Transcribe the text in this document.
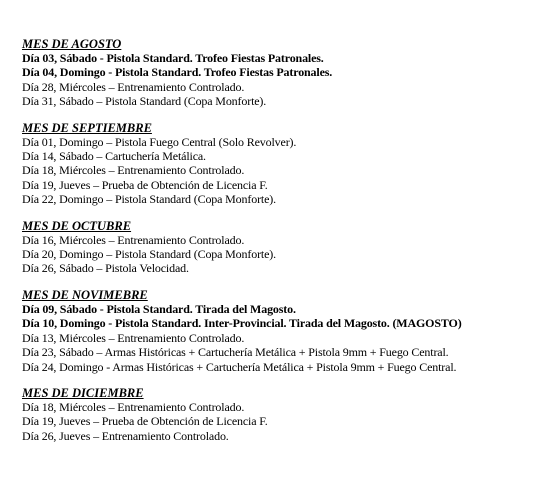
MES DE AGOSTO
Día 03, Sábado - Pistola Standard. Trofeo Fiestas Patronales.
Día 04, Domingo - Pistola Standard. Trofeo Fiestas Patronales.
Día 28, Miércoles – Entrenamiento Controlado.
Día 31, Sábado – Pistola Standard (Copa Monforte).
MES DE SEPTIEMBRE
Día 01, Domingo – Pistola Fuego Central (Solo Revolver).
Día 14, Sábado – Cartuchería Metálica.
Día 18, Miércoles – Entrenamiento Controlado.
Día 19, Jueves – Prueba de Obtención de Licencia F.
Día 22, Domingo – Pistola Standard (Copa Monforte).
MES DE OCTUBRE
Día 16, Miércoles – Entrenamiento Controlado.
Día 20, Domingo – Pistola Standard (Copa Monforte).
Día 26, Sábado – Pistola Velocidad.
MES DE NOVIMEBRE
Día 09, Sábado - Pistola Standard. Tirada del Magosto.
Día 10, Domingo - Pistola Standard. Inter-Provincial. Tirada del Magosto. (MAGOSTO)
Día 13, Miércoles – Entrenamiento Controlado.
Día 23, Sábado – Armas Históricas + Cartuchería Metálica + Pistola 9mm + Fuego Central.
Día 24, Domingo - Armas Históricas + Cartuchería Metálica + Pistola 9mm + Fuego Central.
MES DE DICIEMBRE
Día 18, Miércoles – Entrenamiento Controlado.
Día 19, Jueves – Prueba de Obtención de Licencia F.
Día 26, Jueves – Entrenamiento Controlado.
